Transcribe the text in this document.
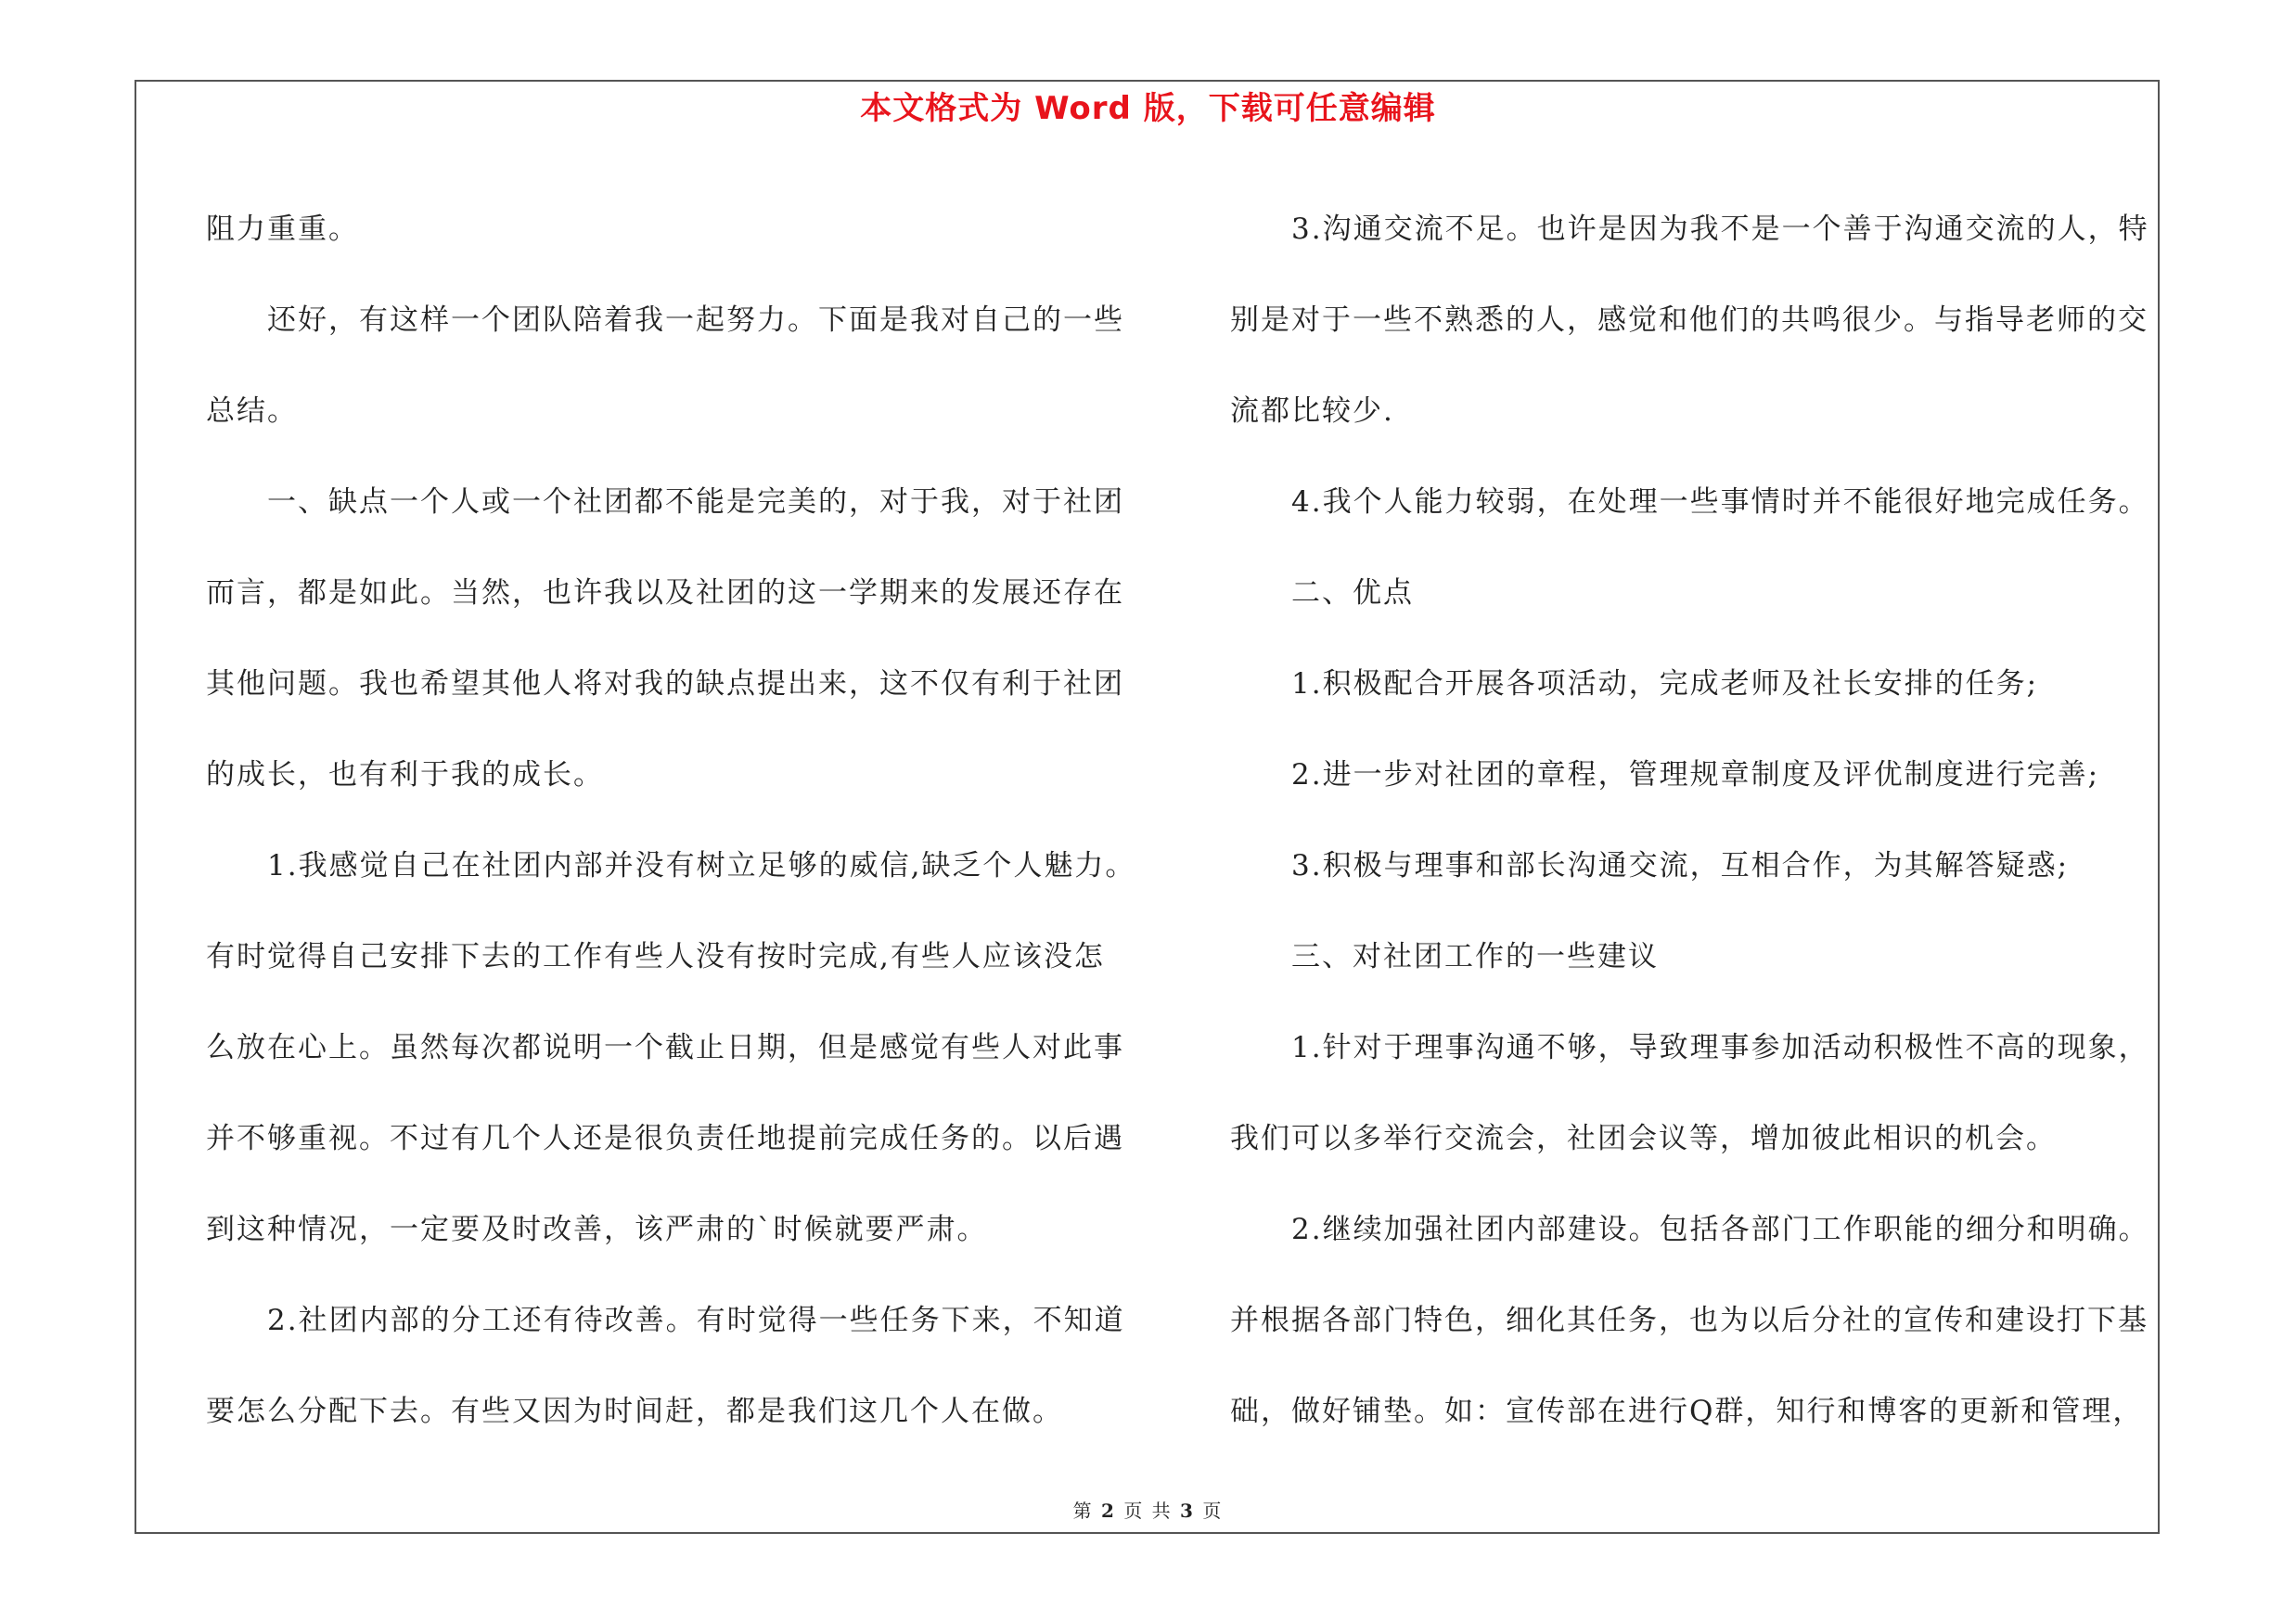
本文格式为 Word 版，下载可任意编辑
阻力重重。
　　还好，有这样一个团队陪着我一起努力。下面是我对自己的一些
总结。
　　一、缺点一个人或一个社团都不能是完美的，对于我，对于社团
而言，都是如此。当然，也许我以及社团的这一学期来的发展还存在
其他问题。我也希望其他人将对我的缺点提出来，这不仅有利于社团
的成长，也有利于我的成长。
　　1.我感觉自己在社团内部并没有树立足够的威信,缺乏个人魅力。
有时觉得自己安排下去的工作有些人没有按时完成,有些人应该没怎
么放在心上。虽然每次都说明一个截止日期，但是感觉有些人对此事
并不够重视。不过有几个人还是很负责任地提前完成任务的。以后遇
到这种情况，一定要及时改善，该严肃的`时候就要严肃。
　　2.社团内部的分工还有待改善。有时觉得一些任务下来，不知道
要怎么分配下去。有些又因为时间赶，都是我们这几个人在做。
　　3.沟通交流不足。也许是因为我不是一个善于沟通交流的人，特
别是对于一些不熟悉的人，感觉和他们的共鸣很少。与指导老师的交
流都比较少.
　　4.我个人能力较弱，在处理一些事情时并不能很好地完成任务。
　　二、优点
　　1.积极配合开展各项活动，完成老师及社长安排的任务;
　　2.进一步对社团的章程，管理规章制度及评优制度进行完善;
　　3.积极与理事和部长沟通交流，互相合作，为其解答疑惑;
　　三、对社团工作的一些建议
　　1.针对于理事沟通不够，导致理事参加活动积极性不高的现象，
我们可以多举行交流会，社团会议等，增加彼此相识的机会。
　　2.继续加强社团内部建设。包括各部门工作职能的细分和明确。
并根据各部门特色，细化其任务，也为以后分社的宣传和建设打下基
础，做好铺垫。如：宣传部在进行Q群，知行和博客的更新和管理，
第 2 页 共 3 页
